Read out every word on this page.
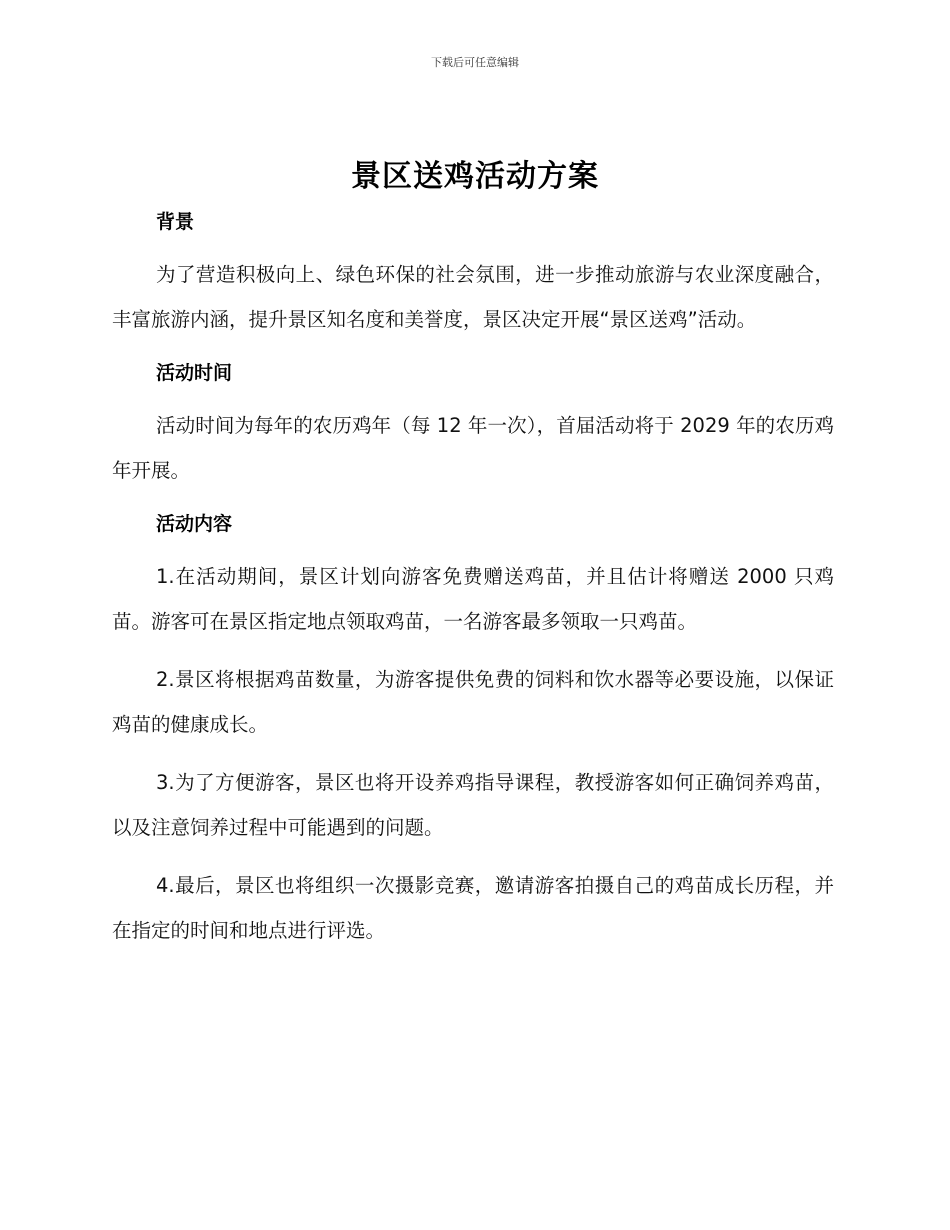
下载后可任意编辑
景区送鸡活动方案

背景

为了营造积极向上、绿色环保的社会氛围，进一步推动旅游与农业深度融合，丰富旅游内涵，提升景区知名度和美誉度，景区决定开展“景区送鸡”活动。

活动时间

活动时间为每年的农历鸡年（每 12 年一次），首届活动将于 2029 年的农历鸡年开展。

活动内容

1.在活动期间，景区计划向游客免费赠送鸡苗，并且估计将赠送 2000 只鸡苗。游客可在景区指定地点领取鸡苗，一名游客最多领取一只鸡苗。

2.景区将根据鸡苗数量，为游客提供免费的饲料和饮水器等必要设施，以保证鸡苗的健康成长。

3.为了方便游客，景区也将开设养鸡指导课程，教授游客如何正确饲养鸡苗，以及注意饲养过程中可能遇到的问题。

4.最后，景区也将组织一次摄影竞赛，邀请游客拍摄自己的鸡苗成长历程，并在指定的时间和地点进行评选。
